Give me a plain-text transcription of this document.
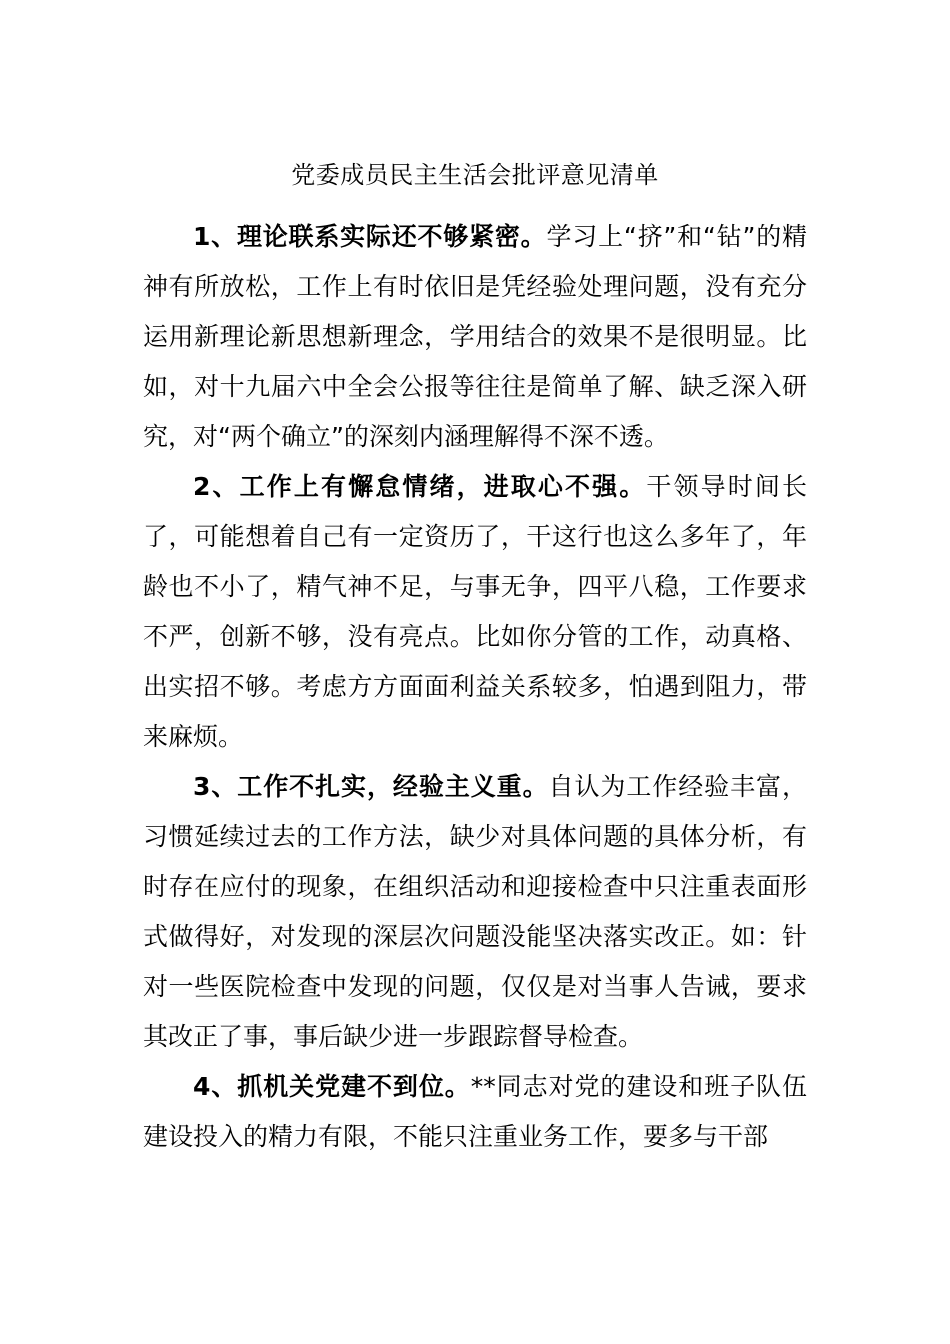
党委成员民主生活会批评意见清单

1、理论联系实际还不够紧密。学习上“挤”和“钻”的精神有所放松，工作上有时依旧是凭经验处理问题，没有充分运用新理论新思想新理念，学用结合的效果不是很明显。比如，对十九届六中全会公报等往往是简单了解、缺乏深入研究，对“两个确立”的深刻内涵理解得不深不透。

2、工作上有懈怠情绪，进取心不强。干领导时间长了，可能想着自己有一定资历了，干这行也这么多年了，年龄也不小了，精气神不足，与事无争，四平八稳，工作要求不严，创新不够，没有亮点。比如你分管的工作，动真格、出实招不够。考虑方方面面利益关系较多，怕遇到阻力，带来麻烦。

3、工作不扎实，经验主义重。自认为工作经验丰富，习惯延续过去的工作方法，缺少对具体问题的具体分析，有时存在应付的现象，在组织活动和迎接检查中只注重表面形式做得好，对发现的深层次问题没能坚决落实改正。如：针对一些医院检查中发现的问题，仅仅是对当事人告诫，要求其改正了事，事后缺少进一步跟踪督导检查。

4、抓机关党建不到位。**同志对党的建设和班子队伍建设投入的精力有限，不能只注重业务工作，要多与干部
